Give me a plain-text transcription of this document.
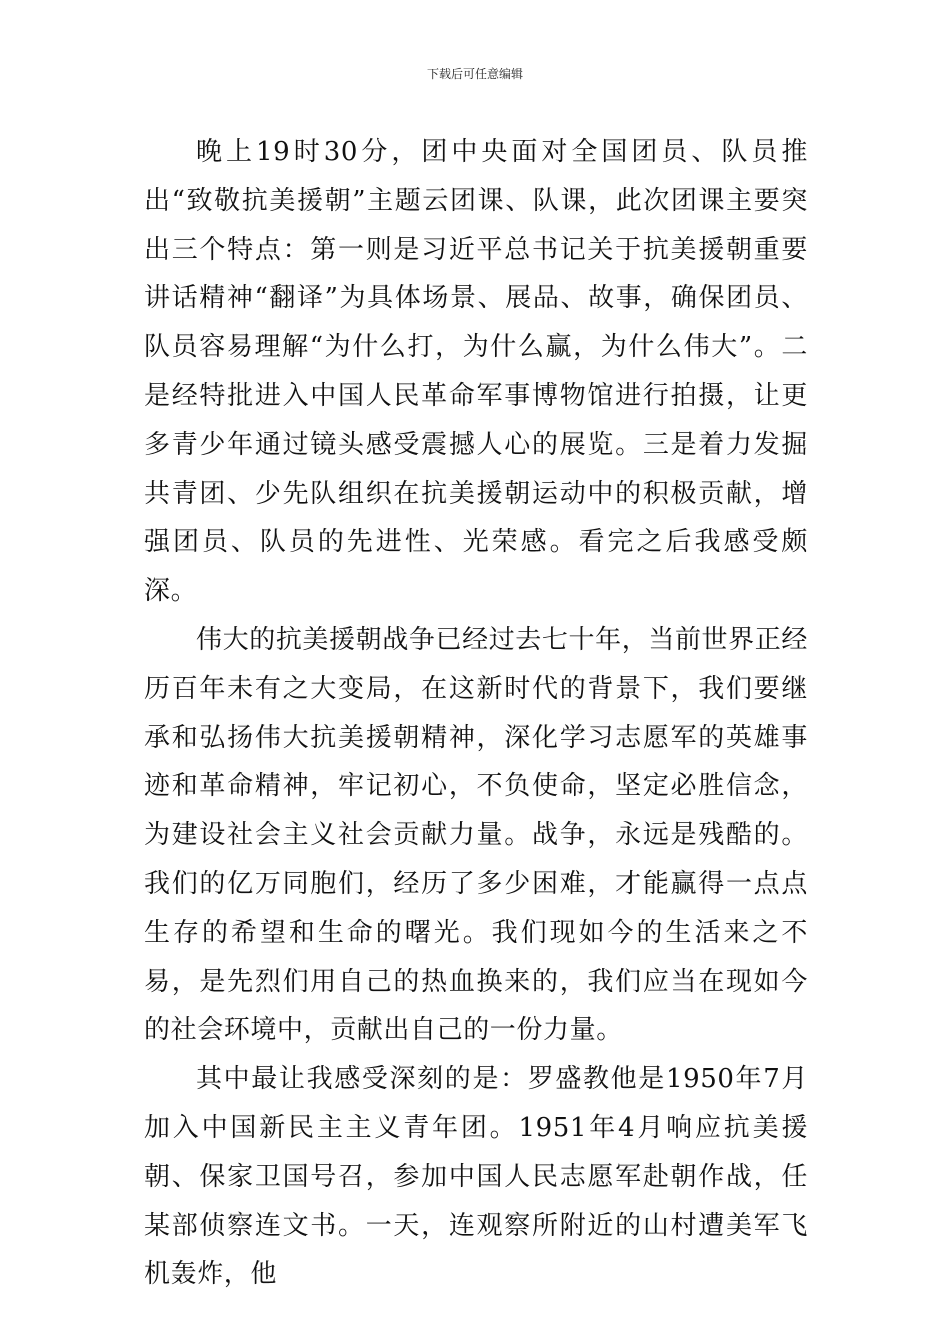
下载后可任意编辑

晚上19时30分，团中央面对全国团员、队员推出“致敬抗美援朝”主题云团课、队课，此次团课主要突出三个特点：第一则是习近平总书记关于抗美援朝重要讲话精神“翻译”为具体场景、展品、故事，确保团员、队员容易理解“为什么打，为什么赢，为什么伟大”。二是经特批进入中国人民革命军事博物馆进行拍摄，让更多青少年通过镜头感受震撼人心的展览。三是着力发掘共青团、少先队组织在抗美援朝运动中的积极贡献，增强团员、队员的先进性、光荣感。看完之后我感受颇深。

伟大的抗美援朝战争已经过去七十年，当前世界正经历百年未有之大变局，在这新时代的背景下，我们要继承和弘扬伟大抗美援朝精神，深化学习志愿军的英雄事迹和革命精神，牢记初心，不负使命，坚定必胜信念，为建设社会主义社会贡献力量。战争，永远是残酷的。我们的亿万同胞们，经历了多少困难，才能赢得一点点生存的希望和生命的曙光。我们现如今的生活来之不易，是先烈们用自己的热血换来的，我们应当在现如今的社会环境中，贡献出自己的一份力量。

其中最让我感受深刻的是：罗盛教他是1950年7月加入中国新民主主义青年团。1951年4月响应抗美援朝、保家卫国号召，参加中国人民志愿军赴朝作战，任某部侦察连文书。一天，连观察所附近的山村遭美军飞机轰炸，他
